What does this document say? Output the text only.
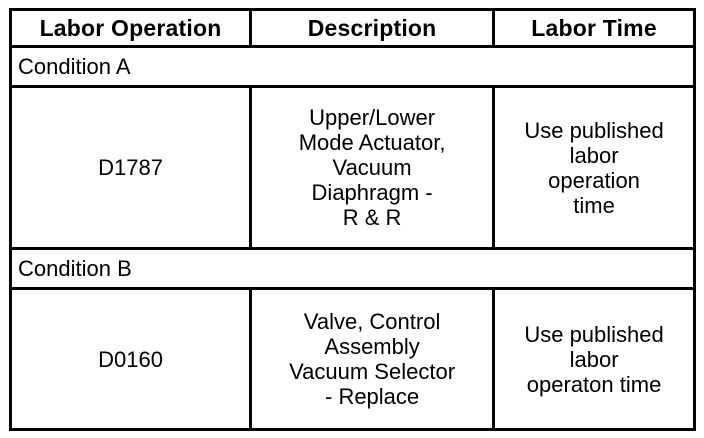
Labor Operation	Description	Labor Time
Condition A		
D1787	Upper/Lower
Mode Actuator,
Vacuum
Diaphragm -
R & R	Use published
labor
operation
time

Condition B		
D0160	Valve, Control
Assembly
Vacuum Selector
- Replace	Use published
labor
operaton time
